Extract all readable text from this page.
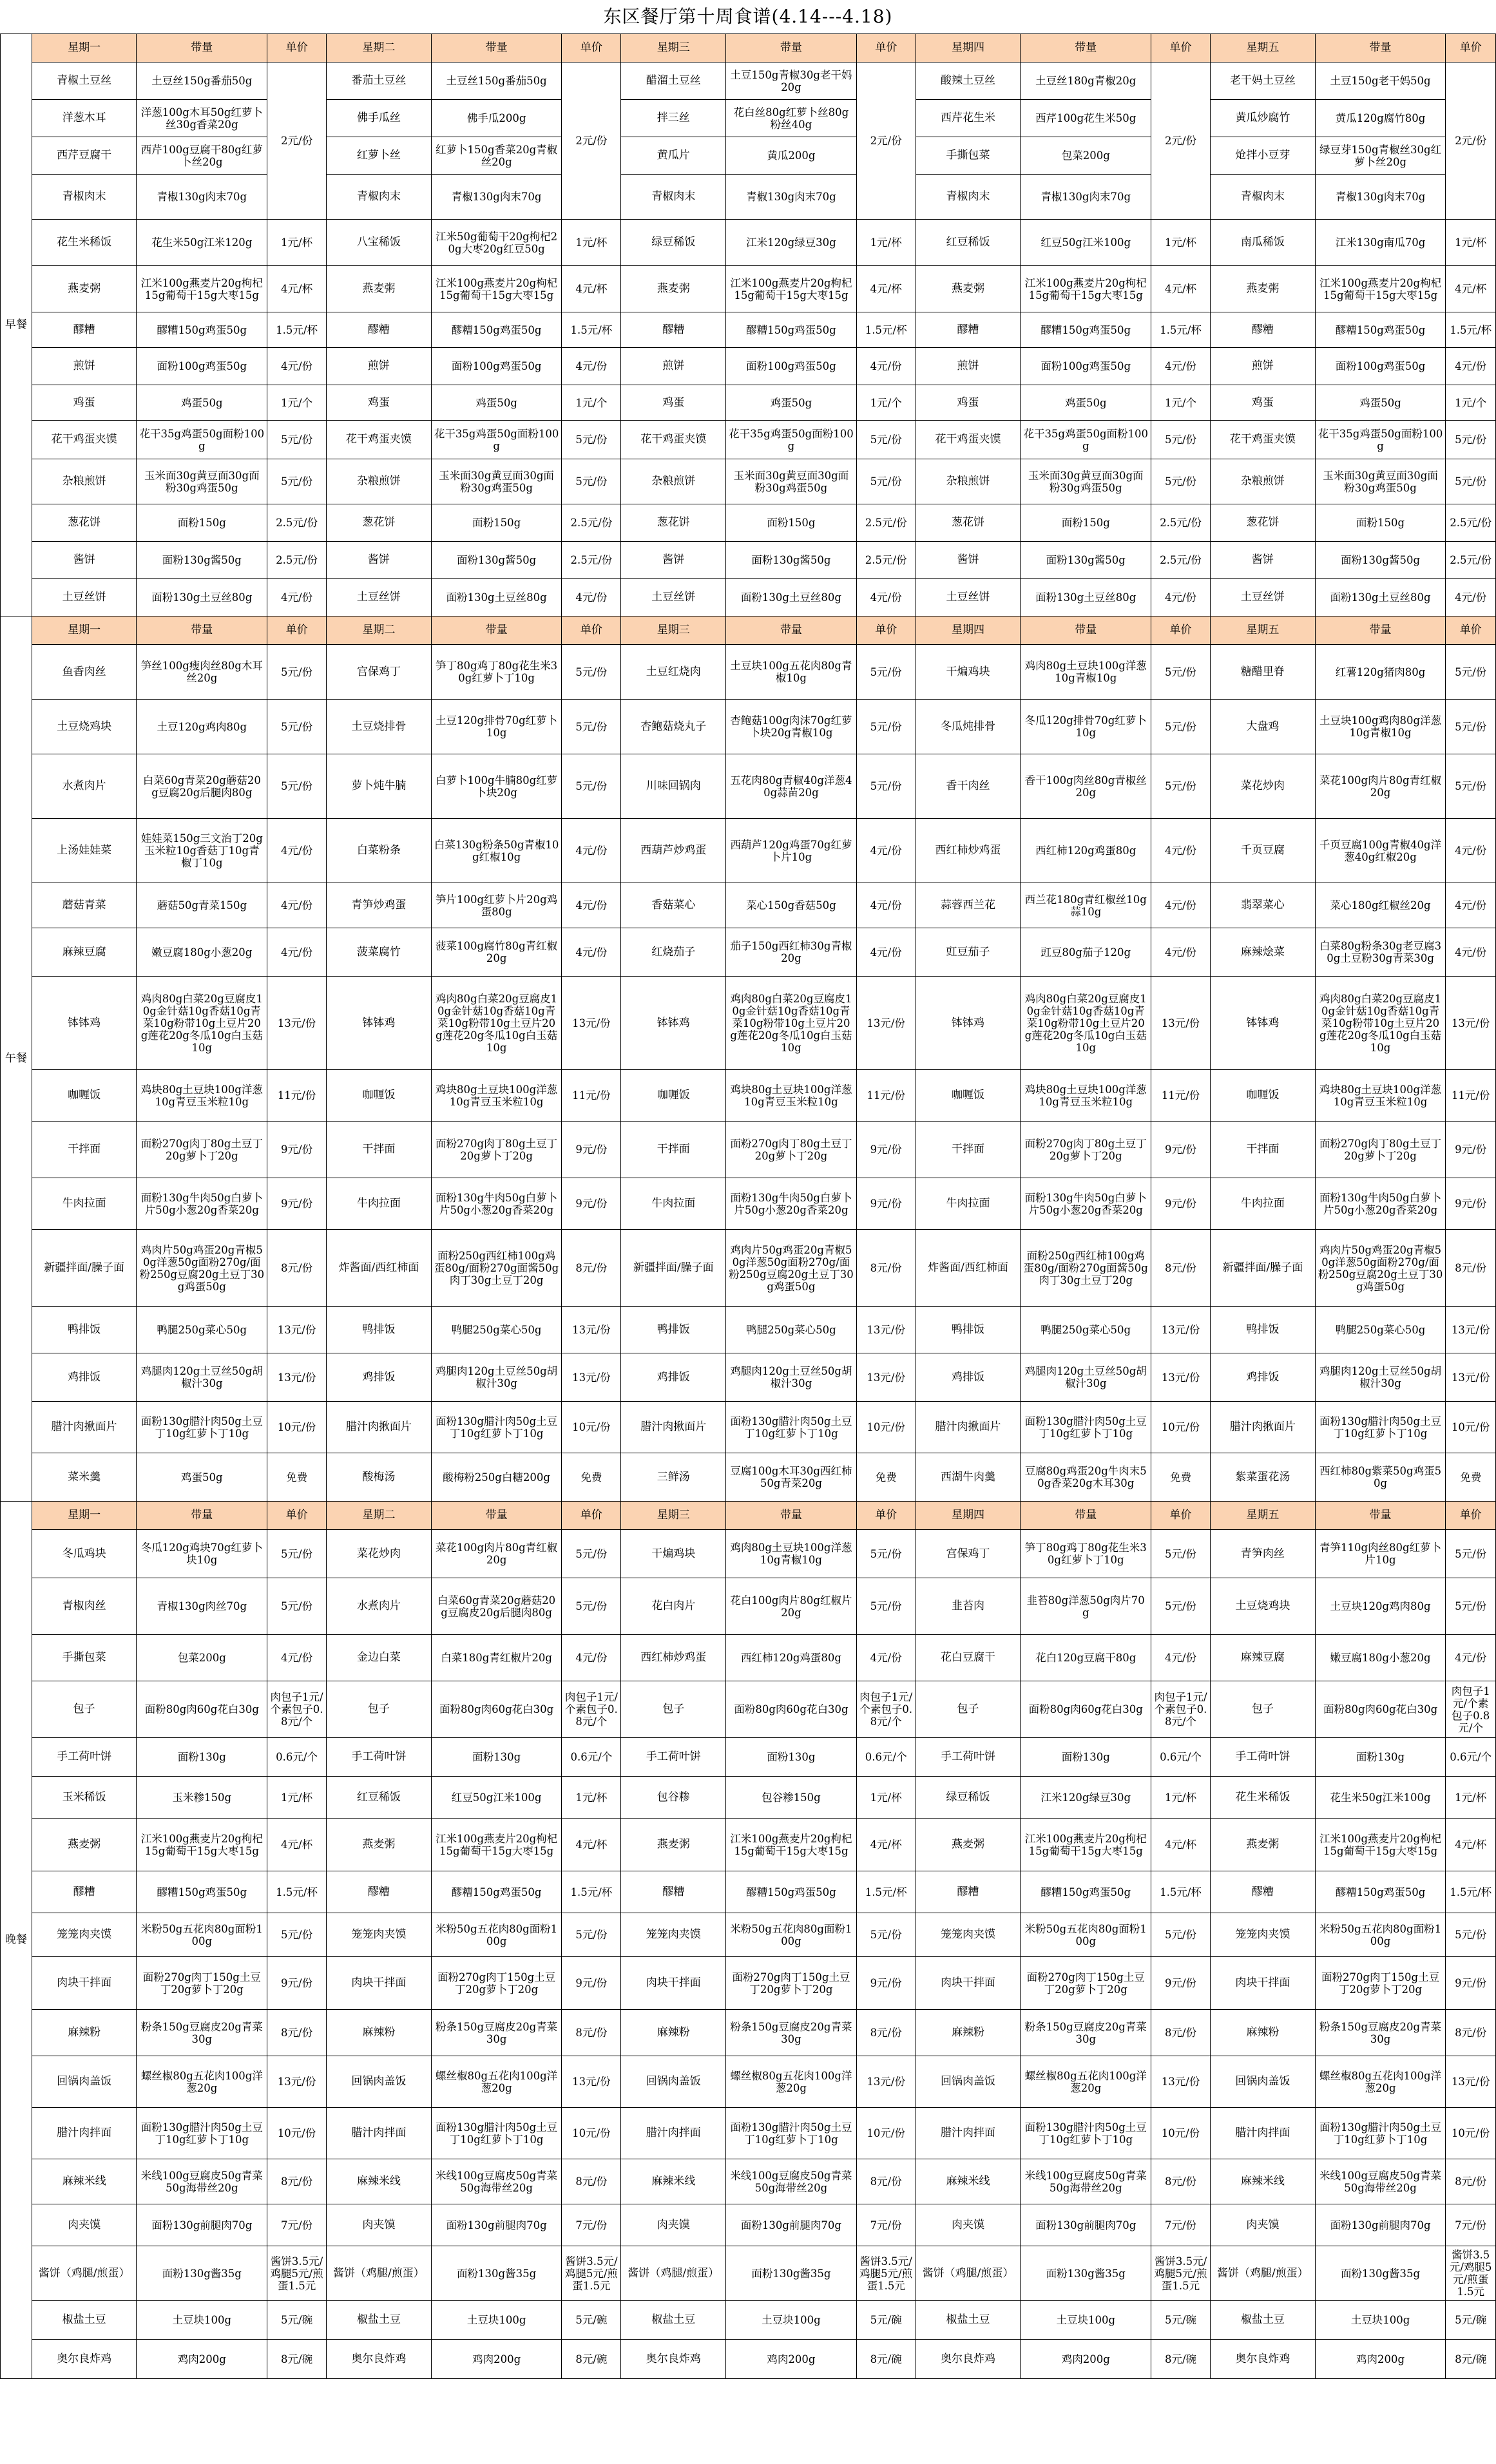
东区餐厅第十周食谱(4.14---4.18)
早餐	星期一	带量	单价	星期二	带量	单价	星期三	带量	单价	星期四	带量	单价	星期五	带量	单价
	青椒土豆丝	土豆丝150g番茄50g	2元/份	番茄土豆丝	土豆丝150g番茄50g	2元/份	醋溜土豆丝	土豆150g青椒30g老干妈20g	2元/份	酸辣土豆丝	土豆丝180g青椒20g	2元/份	老干妈土豆丝	土豆150g老干妈50g	2元/份
	洋葱木耳	洋葱100g木耳50g红萝卜丝30g香菜20g		佛手瓜丝	佛手瓜200g		拌三丝	花白丝80g红萝卜丝80g粉丝40g		西芹花生米	西芹100g花生米50g		黄瓜炒腐竹	黄瓜120g腐竹80g	
	西芹豆腐干	西芹100g豆腐干80g红萝卜丝20g		红萝卜丝	红萝卜150g香菜20g青椒丝20g		黄瓜片	黄瓜200g		手撕包菜	包菜200g		炝拌小豆芽	绿豆芽150g青椒丝30g红萝卜丝20g	
	青椒肉末	青椒130g肉末70g		青椒肉末	青椒130g肉末70g		青椒肉末	青椒130g肉末70g		青椒肉末	青椒130g肉末70g		青椒肉末	青椒130g肉末70g	
	花生米稀饭	花生米50g江米120g	1元/杯	八宝稀饭	江米50g葡萄干20g枸杞20g大枣20g红豆50g	1元/杯	绿豆稀饭	江米120g绿豆30g	1元/杯	红豆稀饭	红豆50g江米100g	1元/杯	南瓜稀饭	江米130g南瓜70g	1元/杯
	燕麦粥	江米100g燕麦片20g枸杞15g葡萄干15g大枣15g	4元/杯	燕麦粥	江米100g燕麦片20g枸杞15g葡萄干15g大枣15g	4元/杯	燕麦粥	江米100g燕麦片20g枸杞15g葡萄干15g大枣15g	4元/杯	燕麦粥	江米100g燕麦片20g枸杞15g葡萄干15g大枣15g	4元/杯	燕麦粥	江米100g燕麦片20g枸杞15g葡萄干15g大枣15g	4元/杯
	醪糟	醪糟150g鸡蛋50g	1.5元/杯	醪糟	醪糟150g鸡蛋50g	1.5元/杯	醪糟	醪糟150g鸡蛋50g	1.5元/杯	醪糟	醪糟150g鸡蛋50g	1.5元/杯	醪糟	醪糟150g鸡蛋50g	1.5元/杯
	煎饼	面粉100g鸡蛋50g	4元/份	煎饼	面粉100g鸡蛋50g	4元/份	煎饼	面粉100g鸡蛋50g	4元/份	煎饼	面粉100g鸡蛋50g	4元/份	煎饼	面粉100g鸡蛋50g	4元/份
	鸡蛋	鸡蛋50g	1元/个	鸡蛋	鸡蛋50g	1元/个	鸡蛋	鸡蛋50g	1元/个	鸡蛋	鸡蛋50g	1元/个	鸡蛋	鸡蛋50g	1元/个
	花干鸡蛋夹馍	花干35g鸡蛋50g面粉100g	5元/份	花干鸡蛋夹馍	花干35g鸡蛋50g面粉100g	5元/份	花干鸡蛋夹馍	花干35g鸡蛋50g面粉100g	5元/份	花干鸡蛋夹馍	花干35g鸡蛋50g面粉100g	5元/份	花干鸡蛋夹馍	花干35g鸡蛋50g面粉100g	5元/份
	杂粮煎饼	玉米面30g黄豆面30g面粉30g鸡蛋50g	5元/份	杂粮煎饼	玉米面30g黄豆面30g面粉30g鸡蛋50g	5元/份	杂粮煎饼	玉米面30g黄豆面30g面粉30g鸡蛋50g	5元/份	杂粮煎饼	玉米面30g黄豆面30g面粉30g鸡蛋50g	5元/份	杂粮煎饼	玉米面30g黄豆面30g面粉30g鸡蛋50g	5元/份
	葱花饼	面粉150g	2.5元/份	葱花饼	面粉150g	2.5元/份	葱花饼	面粉150g	2.5元/份	葱花饼	面粉150g	2.5元/份	葱花饼	面粉150g	2.5元/份
	酱饼	面粉130g酱50g	2.5元/份	酱饼	面粉130g酱50g	2.5元/份	酱饼	面粉130g酱50g	2.5元/份	酱饼	面粉130g酱50g	2.5元/份	酱饼	面粉130g酱50g	2.5元/份
	土豆丝饼	面粉130g土豆丝80g	4元/份	土豆丝饼	面粉130g土豆丝80g	4元/份	土豆丝饼	面粉130g土豆丝80g	4元/份	土豆丝饼	面粉130g土豆丝80g	4元/份	土豆丝饼	面粉130g土豆丝80g	4元/份
午餐	星期一	带量	单价	星期二	带量	单价	星期三	带量	单价	星期四	带量	单价	星期五	带量	单价
	鱼香肉丝	笋丝100g瘦肉丝80g木耳丝20g	5元/份	宫保鸡丁	笋丁80g鸡丁80g花生米30g红萝卜丁10g	5元/份	土豆红烧肉	土豆块100g五花肉80g青椒10g	5元/份	干煸鸡块	鸡肉80g土豆块100g洋葱10g青椒10g	5元/份	糖醋里脊	红薯120g猪肉80g	5元/份
	土豆烧鸡块	土豆120g鸡肉80g	5元/份	土豆烧排骨	土豆120g排骨70g红萝卜10g	5元/份	杏鲍菇烧丸子	杏鲍菇100g肉沫70g红萝卜块20g青椒10g	5元/份	冬瓜炖排骨	冬瓜120g排骨70g红萝卜10g	5元/份	大盘鸡	土豆块100g鸡肉80g洋葱10g青椒10g	5元/份
	水煮肉片	白菜60g青菜20g蘑菇20g豆腐20g后腿肉80g	5元/份	萝卜炖牛腩	白萝卜100g牛腩80g红萝卜块20g	5元/份	川味回锅肉	五花肉80g青椒40g洋葱40g蒜苗20g	5元/份	香干肉丝	香干100g肉丝80g青椒丝20g	5元/份	菜花炒肉	菜花100g肉片80g青红椒20g	5元/份
	上汤娃娃菜	娃娃菜150g三文治丁20g玉米粒10g香菇丁10g青椒丁10g	4元/份	白菜粉条	白菜130g粉条50g青椒10g红椒10g	4元/份	西葫芦炒鸡蛋	西葫芦120g鸡蛋70g红萝卜片10g	4元/份	西红柿炒鸡蛋	西红柿120g鸡蛋80g	4元/份	千页豆腐	千页豆腐100g青椒40g洋葱40g红椒20g	4元/份
	蘑菇青菜	蘑菇50g青菜150g	4元/份	青笋炒鸡蛋	笋片100g红萝卜片20g鸡蛋80g	4元/份	香菇菜心	菜心150g香菇50g	4元/份	蒜蓉西兰花	西兰花180g青红椒丝10g蒜10g	4元/份	翡翠菜心	菜心180g红椒丝20g	4元/份
	麻辣豆腐	嫩豆腐180g小葱20g	4元/份	菠菜腐竹	菠菜100g腐竹80g青红椒20g	4元/份	红烧茄子	茄子150g西红柿30g青椒20g	4元/份	豇豆茄子	豇豆80g茄子120g	4元/份	麻辣烩菜	白菜80g粉条30g老豆腐30g土豆粉30g青菜30g	4元/份
	钵钵鸡	鸡肉80g白菜20g豆腐皮10g金针菇10g香菇10g青菜10g粉带10g土豆片20g莲花20g冬瓜10g白玉菇10g	13元/份	钵钵鸡	鸡肉80g白菜20g豆腐皮10g金针菇10g香菇10g青菜10g粉带10g土豆片20g莲花20g冬瓜10g白玉菇10g	13元/份	钵钵鸡	鸡肉80g白菜20g豆腐皮10g金针菇10g香菇10g青菜10g粉带10g土豆片20g莲花20g冬瓜10g白玉菇10g	13元/份	钵钵鸡	鸡肉80g白菜20g豆腐皮10g金针菇10g香菇10g青菜10g粉带10g土豆片20g莲花20g冬瓜10g白玉菇10g	13元/份	钵钵鸡	鸡肉80g白菜20g豆腐皮10g金针菇10g香菇10g青菜10g粉带10g土豆片20g莲花20g冬瓜10g白玉菇10g	13元/份
	咖喱饭	鸡块80g土豆块100g洋葱10g青豆玉米粒10g	11元/份	咖喱饭	鸡块80g土豆块100g洋葱10g青豆玉米粒10g	11元/份	咖喱饭	鸡块80g土豆块100g洋葱10g青豆玉米粒10g	11元/份	咖喱饭	鸡块80g土豆块100g洋葱10g青豆玉米粒10g	11元/份	咖喱饭	鸡块80g土豆块100g洋葱10g青豆玉米粒10g	11元/份
	干拌面	面粉270g肉丁80g土豆丁20g萝卜丁20g	9元/份	干拌面	面粉270g肉丁80g土豆丁20g萝卜丁20g	9元/份	干拌面	面粉270g肉丁80g土豆丁20g萝卜丁20g	9元/份	干拌面	面粉270g肉丁80g土豆丁20g萝卜丁20g	9元/份	干拌面	面粉270g肉丁80g土豆丁20g萝卜丁20g	9元/份
	牛肉拉面	面粉130g牛肉50g白萝卜片50g小葱20g香菜20g	9元/份	牛肉拉面	面粉130g牛肉50g白萝卜片50g小葱20g香菜20g	9元/份	牛肉拉面	面粉130g牛肉50g白萝卜片50g小葱20g香菜20g	9元/份	牛肉拉面	面粉130g牛肉50g白萝卜片50g小葱20g香菜20g	9元/份	牛肉拉面	面粉130g牛肉50g白萝卜片50g小葱20g香菜20g	9元/份
	新疆拌面/臊子面	鸡肉片50g鸡蛋20g青椒50g洋葱50g面粉270g/面粉250g豆腐20g土豆丁30g鸡蛋50g	8元/份	炸酱面/西红柿面	面粉250g西红柿100g鸡蛋80g/面粉270g面酱50g肉丁30g土豆丁20g	8元/份	新疆拌面/臊子面	鸡肉片50g鸡蛋20g青椒50g洋葱50g面粉270g/面粉250g豆腐20g土豆丁30g鸡蛋50g	8元/份	炸酱面/西红柿面	面粉250g西红柿100g鸡蛋80g/面粉270g面酱50g肉丁30g土豆丁20g	8元/份	新疆拌面/臊子面	鸡肉片50g鸡蛋20g青椒50g洋葱50g面粉270g/面粉250g豆腐20g土豆丁30g鸡蛋50g	8元/份
	鸭排饭	鸭腿250g菜心50g	13元/份	鸭排饭	鸭腿250g菜心50g	13元/份	鸭排饭	鸭腿250g菜心50g	13元/份	鸭排饭	鸭腿250g菜心50g	13元/份	鸭排饭	鸭腿250g菜心50g	13元/份
	鸡排饭	鸡腿肉120g土豆丝50g胡椒汁30g	13元/份	鸡排饭	鸡腿肉120g土豆丝50g胡椒汁30g	13元/份	鸡排饭	鸡腿肉120g土豆丝50g胡椒汁30g	13元/份	鸡排饭	鸡腿肉120g土豆丝50g胡椒汁30g	13元/份	鸡排饭	鸡腿肉120g土豆丝50g胡椒汁30g	13元/份
	腊汁肉揪面片	面粉130g腊汁肉50g土豆丁10g红萝卜丁10g	10元/份	腊汁肉揪面片	面粉130g腊汁肉50g土豆丁10g红萝卜丁10g	10元/份	腊汁肉揪面片	面粉130g腊汁肉50g土豆丁10g红萝卜丁10g	10元/份	腊汁肉揪面片	面粉130g腊汁肉50g土豆丁10g红萝卜丁10g	10元/份	腊汁肉揪面片	面粉130g腊汁肉50g土豆丁10g红萝卜丁10g	10元/份
	菜米羹	鸡蛋50g	免费	酸梅汤	酸梅粉250g白糖200g	免费	三鲜汤	豆腐100g木耳30g西红柿50g青菜20g	免费	西湖牛肉羹	豆腐80g鸡蛋20g牛肉末50g香菜20g木耳30g	免费	紫菜蛋花汤	西红柿80g紫菜50g鸡蛋50g	免费
晚餐	星期一	带量	单价	星期二	带量	单价	星期三	带量	单价	星期四	带量	单价	星期五	带量	单价
	冬瓜鸡块	冬瓜120g鸡块70g红萝卜块10g	5元/份	菜花炒肉	菜花100g肉片80g青红椒20g	5元/份	干煸鸡块	鸡肉80g土豆块100g洋葱10g青椒10g	5元/份	宫保鸡丁	笋丁80g鸡丁80g花生米30g红萝卜丁10g	5元/份	青笋肉丝	青笋110g肉丝80g红萝卜片10g	5元/份
	青椒肉丝	青椒130g肉丝70g	5元/份	水煮肉片	白菜60g青菜20g蘑菇20g豆腐皮20g后腿肉80g	5元/份	花白肉片	花白100g肉片80g红椒片20g	5元/份	韭苔肉	韭苔80g洋葱50g肉片70g	5元/份	土豆烧鸡块	土豆块120g鸡肉80g	5元/份
	手撕包菜	包菜200g	4元/份	金边白菜	白菜180g青红椒片20g	4元/份	西红柿炒鸡蛋	西红柿120g鸡蛋80g	4元/份	花白豆腐干	花白120g豆腐干80g	4元/份	麻辣豆腐	嫩豆腐180g小葱20g	4元/份
	包子	面粉80g肉60g花白30g	肉包子1元/个素包子0.8元/个	包子	面粉80g肉60g花白30g	肉包子1元/个素包子0.8元/个	包子	面粉80g肉60g花白30g	肉包子1元/个素包子0.8元/个	包子	面粉80g肉60g花白30g	肉包子1元/个素包子0.8元/个	包子	面粉80g肉60g花白30g	肉包子1元/个素包子0.8元/个
	手工荷叶饼	面粉130g	0.6元/个	手工荷叶饼	面粉130g	0.6元/个	手工荷叶饼	面粉130g	0.6元/个	手工荷叶饼	面粉130g	0.6元/个	手工荷叶饼	面粉130g	0.6元/个
	玉米稀饭	玉米糁150g	1元/杯	红豆稀饭	红豆50g江米100g	1元/杯	包谷糁	包谷糁150g	1元/杯	绿豆稀饭	江米120g绿豆30g	1元/杯	花生米稀饭	花生米50g江米100g	1元/杯
	燕麦粥	江米100g燕麦片20g枸杞15g葡萄干15g大枣15g	4元/杯	燕麦粥	江米100g燕麦片20g枸杞15g葡萄干15g大枣15g	4元/杯	燕麦粥	江米100g燕麦片20g枸杞15g葡萄干15g大枣15g	4元/杯	燕麦粥	江米100g燕麦片20g枸杞15g葡萄干15g大枣15g	4元/杯	燕麦粥	江米100g燕麦片20g枸杞15g葡萄干15g大枣15g	4元/杯
	醪糟	醪糟150g鸡蛋50g	1.5元/杯	醪糟	醪糟150g鸡蛋50g	1.5元/杯	醪糟	醪糟150g鸡蛋50g	1.5元/杯	醪糟	醪糟150g鸡蛋50g	1.5元/杯	醪糟	醪糟150g鸡蛋50g	1.5元/杯
	笼笼肉夹馍	米粉50g五花肉80g面粉100g	5元/份	笼笼肉夹馍	米粉50g五花肉80g面粉100g	5元/份	笼笼肉夹馍	米粉50g五花肉80g面粉100g	5元/份	笼笼肉夹馍	米粉50g五花肉80g面粉100g	5元/份	笼笼肉夹馍	米粉50g五花肉80g面粉100g	5元/份
	肉块干拌面	面粉270g肉丁150g土豆丁20g萝卜丁20g	9元/份	肉块干拌面	面粉270g肉丁150g土豆丁20g萝卜丁20g	9元/份	肉块干拌面	面粉270g肉丁150g土豆丁20g萝卜丁20g	9元/份	肉块干拌面	面粉270g肉丁150g土豆丁20g萝卜丁20g	9元/份	肉块干拌面	面粉270g肉丁150g土豆丁20g萝卜丁20g	9元/份
	麻辣粉	粉条150g豆腐皮20g青菜30g	8元/份	麻辣粉	粉条150g豆腐皮20g青菜30g	8元/份	麻辣粉	粉条150g豆腐皮20g青菜30g	8元/份	麻辣粉	粉条150g豆腐皮20g青菜30g	8元/份	麻辣粉	粉条150g豆腐皮20g青菜30g	8元/份
	回锅肉盖饭	螺丝椒80g五花肉100g洋葱20g	13元/份	回锅肉盖饭	螺丝椒80g五花肉100g洋葱20g	13元/份	回锅肉盖饭	螺丝椒80g五花肉100g洋葱20g	13元/份	回锅肉盖饭	螺丝椒80g五花肉100g洋葱20g	13元/份	回锅肉盖饭	螺丝椒80g五花肉100g洋葱20g	13元/份
	腊汁肉拌面	面粉130g腊汁肉50g土豆丁10g红萝卜丁10g	10元/份	腊汁肉拌面	面粉130g腊汁肉50g土豆丁10g红萝卜丁10g	10元/份	腊汁肉拌面	面粉130g腊汁肉50g土豆丁10g红萝卜丁10g	10元/份	腊汁肉拌面	面粉130g腊汁肉50g土豆丁10g红萝卜丁10g	10元/份	腊汁肉拌面	面粉130g腊汁肉50g土豆丁10g红萝卜丁10g	10元/份
	麻辣米线	米线100g豆腐皮50g青菜50g海带丝20g	8元/份	麻辣米线	米线100g豆腐皮50g青菜50g海带丝20g	8元/份	麻辣米线	米线100g豆腐皮50g青菜50g海带丝20g	8元/份	麻辣米线	米线100g豆腐皮50g青菜50g海带丝20g	8元/份	麻辣米线	米线100g豆腐皮50g青菜50g海带丝20g	8元/份
	肉夹馍	面粉130g前腿肉70g	7元/份	肉夹馍	面粉130g前腿肉70g	7元/份	肉夹馍	面粉130g前腿肉70g	7元/份	肉夹馍	面粉130g前腿肉70g	7元/份	肉夹馍	面粉130g前腿肉70g	7元/份
	酱饼（鸡腿/煎蛋）	面粉130g酱35g	酱饼3.5元/鸡腿5元/煎蛋1.5元	酱饼（鸡腿/煎蛋）	面粉130g酱35g	酱饼3.5元/鸡腿5元/煎蛋1.5元	酱饼（鸡腿/煎蛋）	面粉130g酱35g	酱饼3.5元/鸡腿5元/煎蛋1.5元	酱饼（鸡腿/煎蛋）	面粉130g酱35g	酱饼3.5元/鸡腿5元/煎蛋1.5元	酱饼（鸡腿/煎蛋）	面粉130g酱35g	酱饼3.5元/鸡腿5元/煎蛋1.5元
	椒盐土豆	土豆块100g	5元/碗	椒盐土豆	土豆块100g	5元/碗	椒盐土豆	土豆块100g	5元/碗	椒盐土豆	土豆块100g	5元/碗	椒盐土豆	土豆块100g	5元/碗
	奥尔良炸鸡	鸡肉200g	8元/碗	奥尔良炸鸡	鸡肉200g	8元/碗	奥尔良炸鸡	鸡肉200g	8元/碗	奥尔良炸鸡	鸡肉200g	8元/碗	奥尔良炸鸡	鸡肉200g	8元/碗
